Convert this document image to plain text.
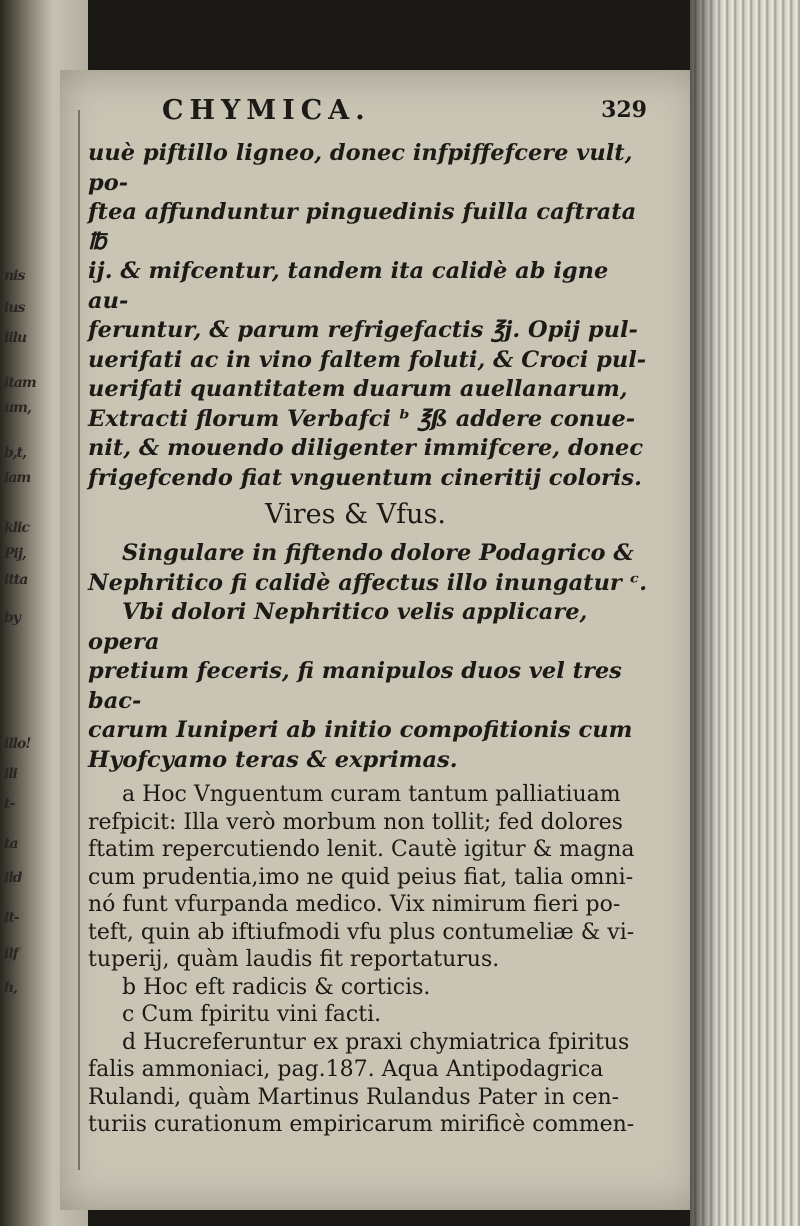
nis
ius
lilu
itam
um,
b,t,
iam
klic
Pij,
itta
by
illo!
ili
t-
ta
ild
lt-
ilf
h,
CHYMICA.	329

uuè piftillo ligneo, donec infpiffefcere vult, po-

ftea affunduntur pinguedinis fuilla caftrata ℔

ij. & mifcentur, tandem ita calidè ab igne au-

feruntur, & parum refrigefactis ℥j. Opij pul-

uerifati ac in vino faltem foluti, & Croci pul-

uerifati quantitatem duarum auellanarum,

Extracti florum Verbafci ᵇ ℥ß addere conue-

nit, & mouendo diligenter immifcere, donec

frigefcendo fiat vnguentum cineritij coloris.

Vires & Vfus.

Singulare in fiftendo dolore Podagrico &

Nephritico fi calidè affectus illo inungatur ᶜ.

Vbi dolori Nephritico velis applicare, opera

pretium feceris, fi manipulos duos vel tres bac-

carum Iuniperi ab initio compofitionis cum

Hyofcyamo teras & exprimas.

a Hoc Vnguentum curam tantum palliatiuam

refpicit: Illa verò morbum non tollit; fed dolores

ftatim repercutiendo lenit. Cautè igitur & magna

cum prudentia,imo ne quid peius fiat, talia omni-

nó funt vfurpanda medico. Vix nimirum fieri po-

teft, quin ab iftiufmodi vfu plus contumeliæ & vi-

tuperij, quàm laudis fit reportaturus.

b Hoc eft radicis & corticis.

c Cum fpiritu vini facti.

d Hucreferuntur ex praxi chymiatrica fpiritus

falis ammoniaci, pag.187. Aqua Antipodagrica

Rulandi, quàm Martinus Rulandus Pater in cen-

turiis curationum empiricarum mirificè commen-
